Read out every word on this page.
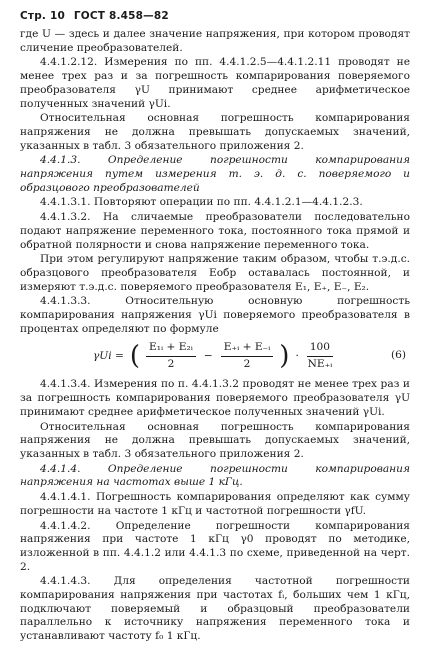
Стр. 10 ГОСТ 8.458—82

где U — здесь и далее значение напряжения, при котором проводят сличение преобразователей.

4.4.1.2.12. Измерения по пп. 4.4.1.2.5—4.4.1.2.11 проводят не менее трех раз и за погрешность компарирования поверяемого преобразователя γU принимают среднее арифметическое полученных значений γUi.

Относительная основная погрешность компарирования напряжения не должна превышать допускаемых значений, указанных в табл. 3 обязательного приложения 2.

4.4.1.3. Определение погрешности компарирования напряжения путем измерения т. э. д. с. поверяемого и образцового преобразователей

4.4.1.3.1. Повторяют операции по пп. 4.4.1.2.1—4.4.1.2.3.

4.4.1.3.2. На сличаемые преобразователи последовательно подают напряжение переменного тока, постоянного тока прямой и обратной полярности и снова напряжение переменного тока.

При этом регулируют напряжение таким образом, чтобы т.э.д.с. образцового преобразователя Eобр оставалась постоянной, и измеряют т.э.д.с. поверяемого преобразователя E₁, E₊, E₋, E₂.

4.4.1.3.3. Относительную основную погрешность компарирования напряжения γUi поверяемого преобразователя в процентах определяют по формуле

γUi = ( $\frac{\text{E₁ᵢ + E₂ᵢ}}{2} - \frac{\text{E₊ᵢ + E₋ᵢ}}{2}$ ) · $\frac{100}{\text{NE₊ᵢ}}$	(6)

4.4.1.3.4. Измерения по п. 4.4.1.3.2 проводят не менее трех раз и за погрешность компарирования поверяемого преобразователя γU принимают среднее арифметическое полученных значений γUi.

Относительная основная погрешность компарирования напряжения не должна превышать допускаемых значений, указанных в табл. 3 обязательного приложения 2.

4.4.1.4. Определение погрешности компарирования напряжения на частотах выше 1 кГц.

4.4.1.4.1. Погрешность компарирования определяют как сумму погрешности на частоте 1 кГц и частотной погрешности γfU.

4.4.1.4.2. Определение погрешности компарирования напряжения при частоте 1 кГц γ0 проводят по методике, изложенной в пп. 4.4.1.2 или 4.4.1.3 по схеме, приведенной на черт. 2.

4.4.1.4.3. Для определения частотной погрешности компарирования напряжения при частотах fᵢ, больших чем 1 кГц, подключают поверяемый и образцовый преобразователи параллельно к источнику напряжения переменного тока и устанавливают частоту f₀ 1 кГц.
